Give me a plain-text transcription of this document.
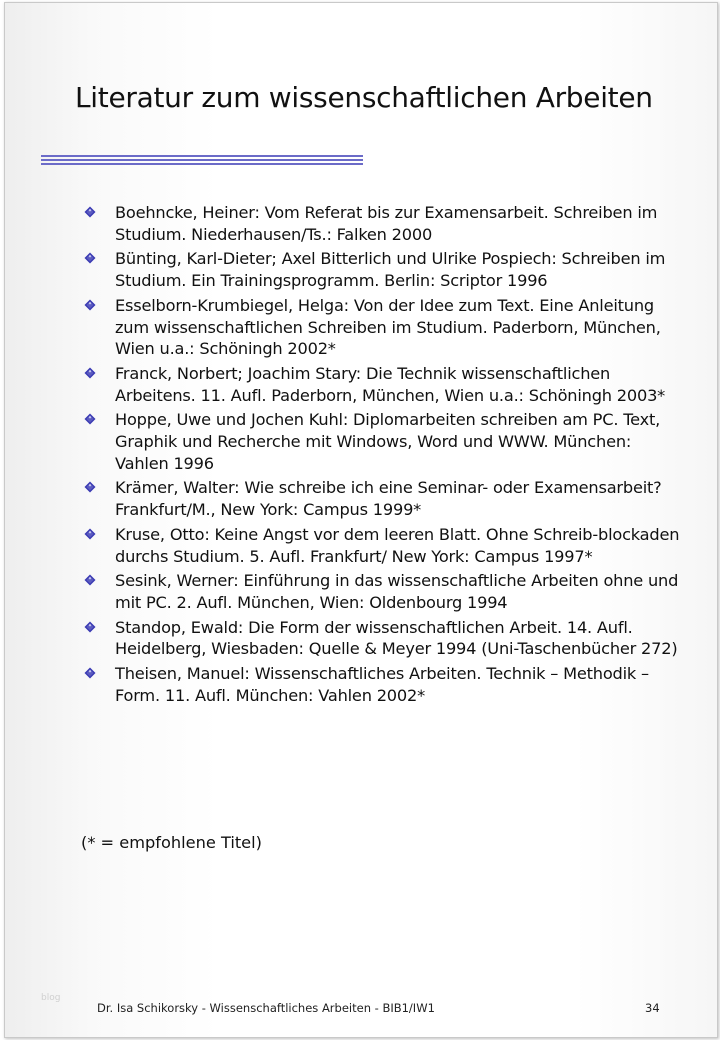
Literatur zum wissenschaftlichen Arbeiten
Boehncke, Heiner: Vom Referat bis zur Examensarbeit. Schreiben im Studium. Niederhausen/Ts.: Falken 2000
Bünting, Karl-Dieter; Axel Bitterlich und Ulrike Pospiech: Schreiben im Studium. Ein Trainingsprogramm. Berlin: Scriptor 1996
Esselborn-Krumbiegel, Helga: Von der Idee zum Text. Eine Anleitung zum wissenschaftlichen Schreiben im Studium. Paderborn, München, Wien u.a.: Schöningh 2002*
Franck, Norbert; Joachim Stary: Die Technik wissenschaftlichen Arbeitens. 11. Aufl. Paderborn, München, Wien u.a.: Schöningh 2003*
Hoppe, Uwe und Jochen Kuhl: Diplomarbeiten schreiben am PC. Text, Graphik und Recherche mit Windows, Word und WWW. München: Vahlen 1996
Krämer, Walter: Wie schreibe ich eine Seminar- oder Examensarbeit? Frankfurt/M., New York: Campus 1999*
Kruse, Otto: Keine Angst vor dem leeren Blatt. Ohne Schreib-blockaden durchs Studium. 5. Aufl. Frankfurt/ New York: Campus 1997*
Sesink, Werner: Einführung in das wissenschaftliche Arbeiten ohne und mit PC. 2. Aufl. München, Wien: Oldenbourg 1994
Standop, Ewald: Die Form der wissenschaftlichen Arbeit. 14. Aufl. Heidelberg, Wiesbaden: Quelle & Meyer 1994 (Uni-Taschenbücher 272)
Theisen, Manuel: Wissenschaftliches Arbeiten. Technik – Methodik – Form. 11. Aufl. München: Vahlen 2002*
(* = empfohlene Titel)
blog
Dr. Isa Schikorsky - Wissenschaftliches Arbeiten - BIB1/IW1	34
